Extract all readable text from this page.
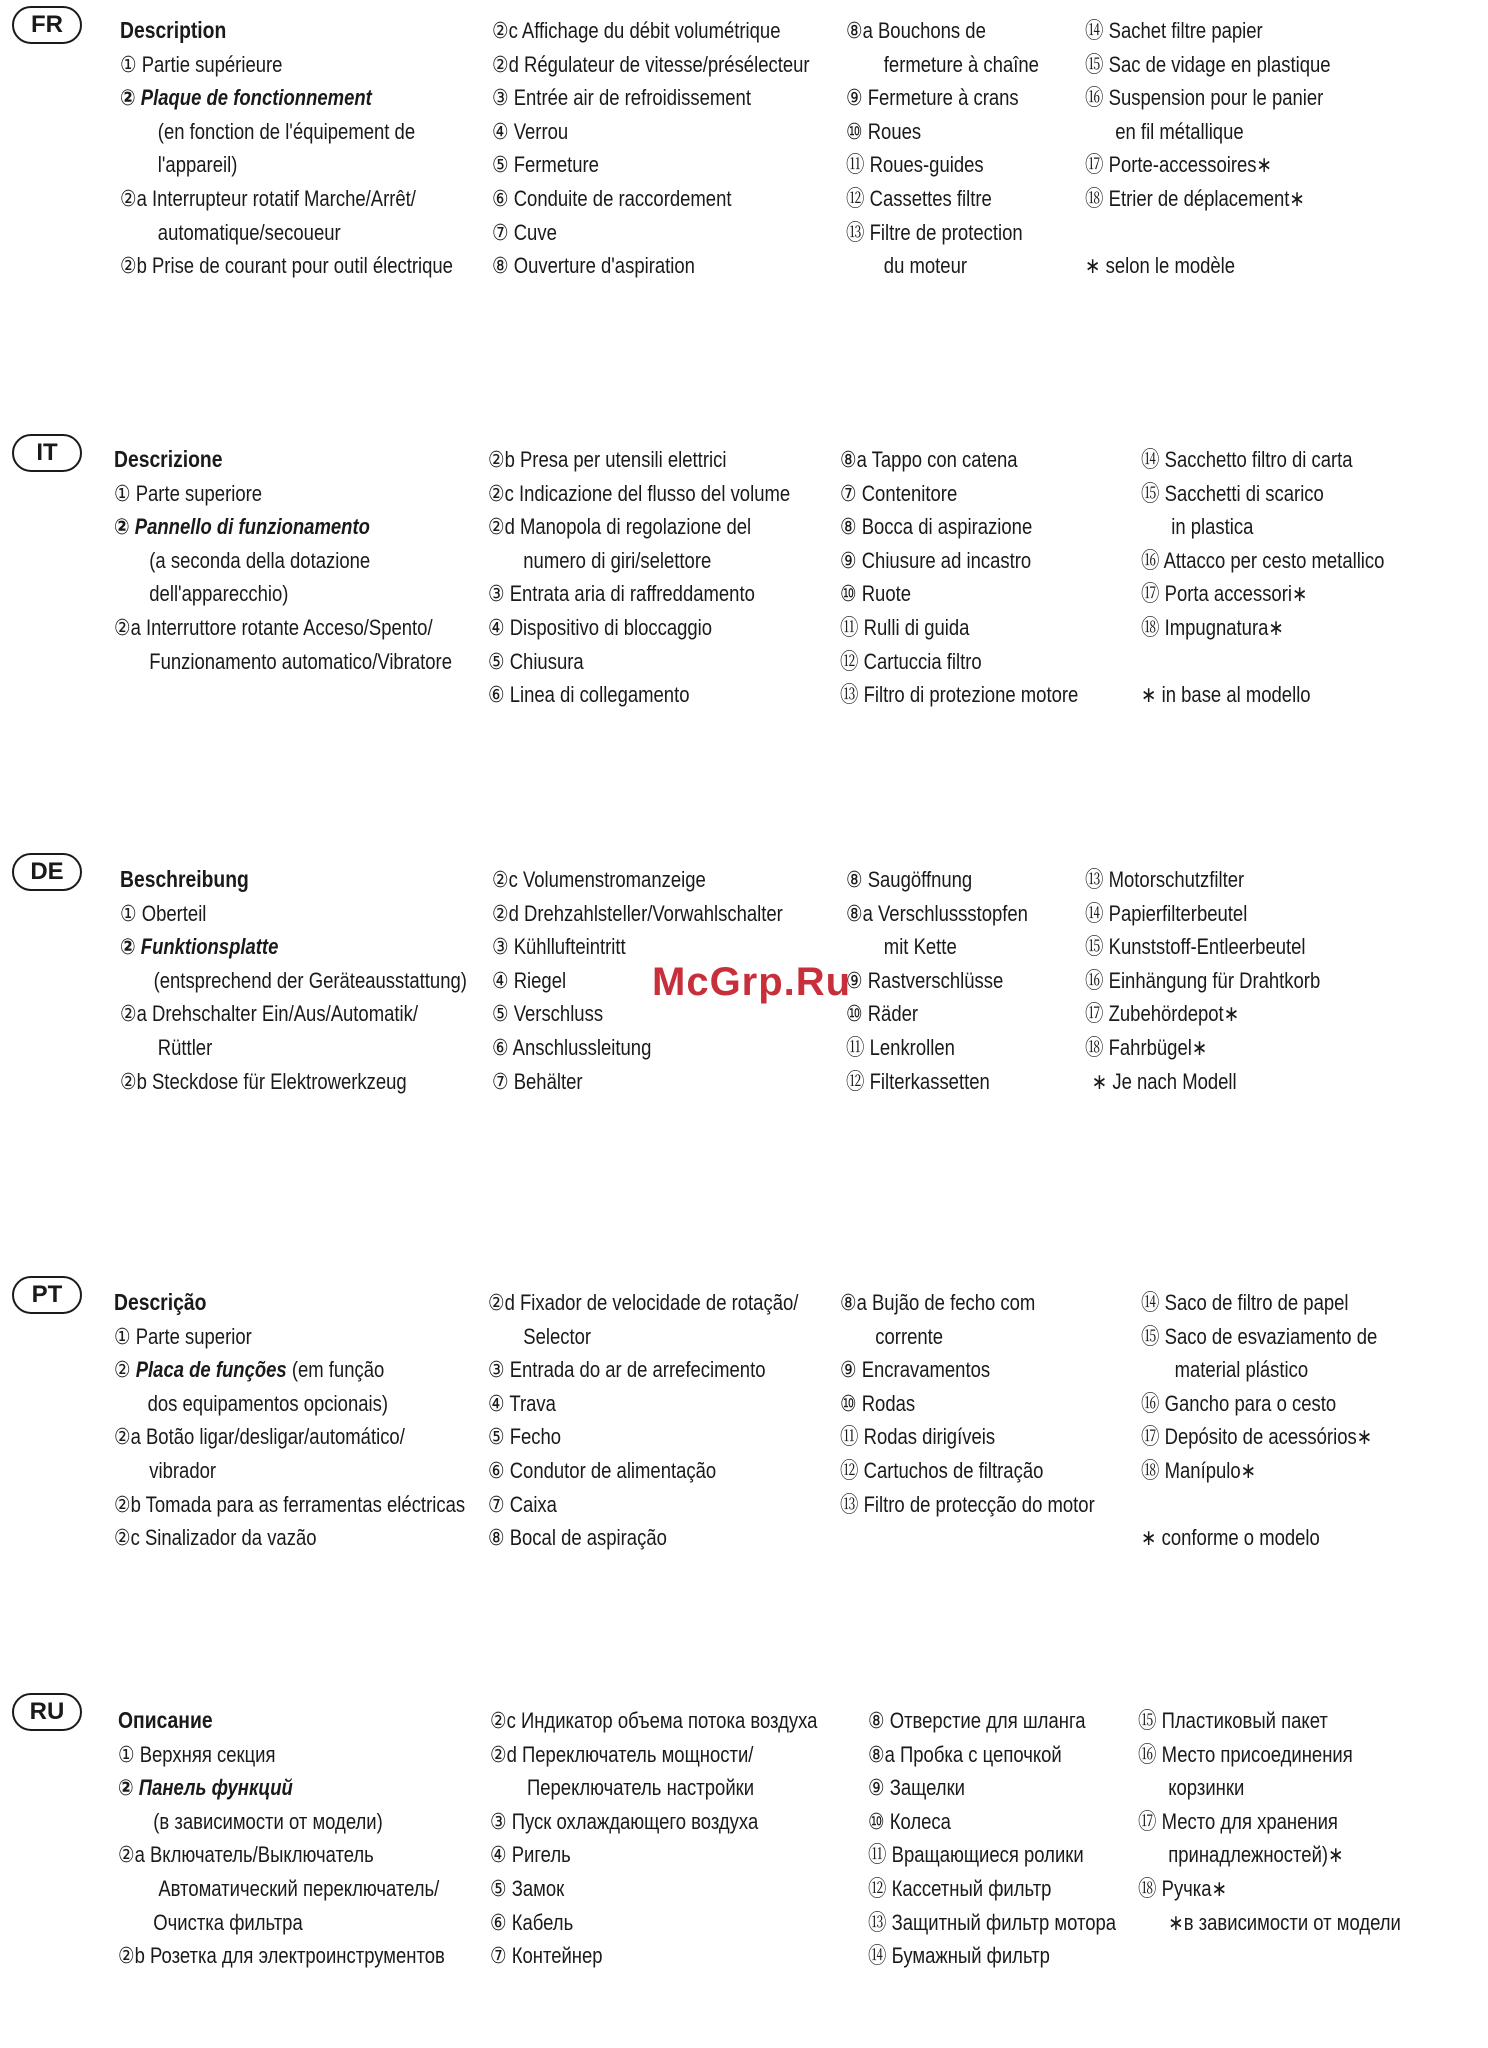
FR	Description
① Partie supérieure
② Plaque de fonctionnement
(en fonction de l'équipement de
l'appareil)
②a Interrupteur rotatif Marche/Arrêt/
automatique/secoueur
②b Prise de courant pour outil électrique
②c Affichage du débit volumétrique
②d Régulateur de vitesse/présélecteur
③ Entrée air de refroidissement
④ Verrou
⑤ Fermeture
⑥ Conduite de raccordement
⑦ Cuve
⑧ Ouverture d'aspiration
⑧a Bouchons de
fermeture à chaîne
⑨ Fermeture à crans
⑩ Roues
⑪ Roues-guides
⑫ Cassettes filtre
⑬ Filtre de protection
du moteur
⑭ Sachet filtre papier
⑮ Sac de vidage en plastique
⑯ Suspension pour le panier
en fil métallique
⑰ Porte-accessoires∗
⑱ Etrier de déplacement∗
∗ selon le modèle
IT	Descrizione
① Parte superiore
② Pannello di funzionamento
(a seconda della dotazione
dell'apparecchio)
②a Interruttore rotante Acceso/Spento/
Funzionamento automatico/Vibratore
②b Presa per utensili elettrici
②c Indicazione del flusso del volume
②d Manopola di regolazione del
numero di giri/selettore
③ Entrata aria di raffreddamento
④ Dispositivo di bloccaggio
⑤ Chiusura
⑥ Linea di collegamento
⑧a Tappo con catena
⑦ Contenitore
⑧ Bocca di aspirazione
⑨ Chiusure ad incastro
⑩ Ruote
⑪ Rulli di guida
⑫ Cartuccia filtro
⑬ Filtro di protezione motore
⑭ Sacchetto filtro di carta
⑮ Sacchetti di scarico
in plastica
⑯ Attacco per cesto metallico
⑰ Porta accessori∗
⑱ Impugnatura∗
∗ in base al modello
DE	Beschreibung
① Oberteil
② Funktionsplatte
(entsprechend der Geräteausstattung)
②a Drehschalter Ein/Aus/Automatik/
Rüttler
②b Steckdose für Elektrowerkzeug
②c Volumenstromanzeige
②d Drehzahlsteller/Vorwahlschalter
③ Kühllufteintritt
④ Riegel
⑤ Verschluss
⑥ Anschlussleitung
⑦ Behälter
⑧ Saugöffnung
⑧a Verschlussstopfen
mit Kette
⑨ Rastverschlüsse
⑩ Räder
⑪ Lenkrollen
⑫ Filterkassetten
⑬ Motorschutzfilter
⑭ Papierfilterbeutel
⑮ Kunststoff-Entleerbeutel
⑯ Einhängung für Drahtkorb
⑰ Zubehördepot∗
⑱ Fahrbügel∗
∗ Je nach Modell
McGrp.Ru
PT	Descrição
① Parte superior
② Placa de funções (em função
dos equipamentos opcionais)
②a Botão ligar/desligar/automático/
vibrador
②b Tomada para as ferramentas eléctricas
②c Sinalizador da vazão
②d Fixador de velocidade de rotação/
Selector
③ Entrada do ar de arrefecimento
④ Trava
⑤ Fecho
⑥ Condutor de alimentação
⑦ Caixa
⑧ Bocal de aspiração
⑧a Bujão de fecho com
corrente
⑨ Encravamentos
⑩ Rodas
⑪ Rodas dirigíveis
⑫ Cartuchos de filtração
⑬ Filtro de protecção do motor
⑭ Saco de filtro de papel
⑮ Saco de esvaziamento de
material plástico
⑯ Gancho para o cesto
⑰ Depósito de acessórios∗
⑱ Manípulo∗
∗ conforme o modelo
RU	Описание
① Верхняя секция
② Панель функций
(в зависимости от модели)
②a Включатель/Выключатель
Автоматический переключатель/
Очистка фильтра
②b Розетка для электроинструментов
②c Индикатор объема потока воздуха
②d Переключатель мощности/
Переключатель настройки
③ Пуск охлаждающего воздуха
④ Ригель
⑤ Замок
⑥ Кабель
⑦ Контейнер
⑧ Отверстие для шланга
⑧a Пробка с цепочкой
⑨ Защелки
⑩ Колеса
⑪ Вращающиеся ролики
⑫ Кассетный фильтр
⑬ Защитный фильтр мотора
⑭ Бумажный фильтр
⑮ Пластиковый пакет
⑯ Место присоединения
корзинки
⑰ Место для хранения
принадлежностей)∗
⑱ Ручка∗
∗в зависимости от модели
